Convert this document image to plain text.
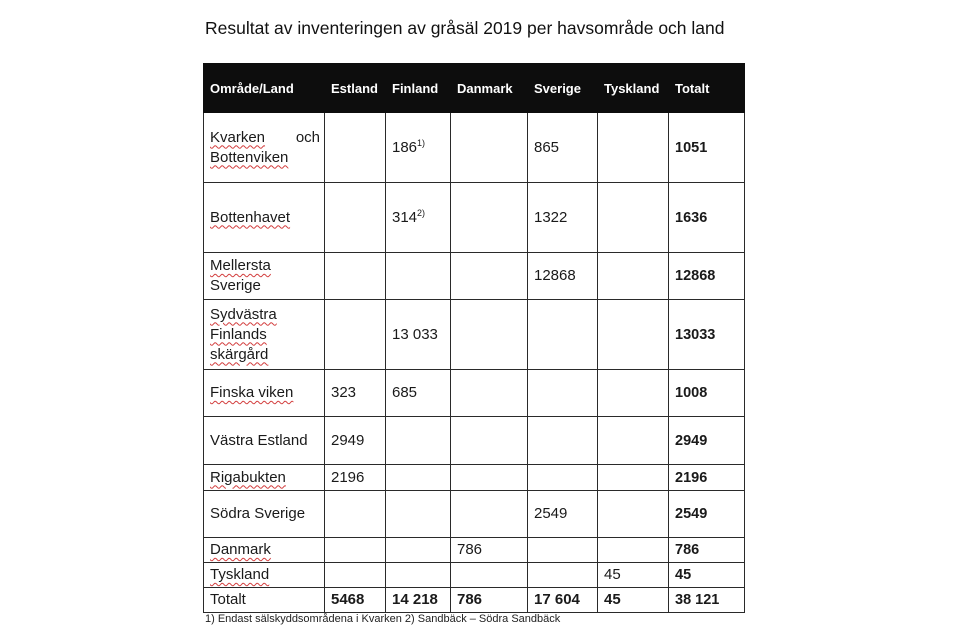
Resultat av inventeringen av gråsäl 2019 per havsområde och land
Område/Land	Estland	Finland	Danmark	Sverige	Tyskland	Totalt

Kvarken och
Bottenviken		186$^{1)}$		865		1051
Bottenhavet		314$^{2)}$		1322		1636

Mellersta
Sverige				12868		12868

Sydvästra
Finlands
skärgård		13 033				13033
Finska viken	323	685				1008
Västra Estland	2949					2949
Rigabukten	2196					2196
Södra Sverige				2549		2549
Danmark			786			786
Tyskland					45	45
Totalt	5468	14 218	786	17 604	45	38 121
1) Endast sälskyddsområdena i Kvarken 2) Sandbäck – Södra Sandbäck
